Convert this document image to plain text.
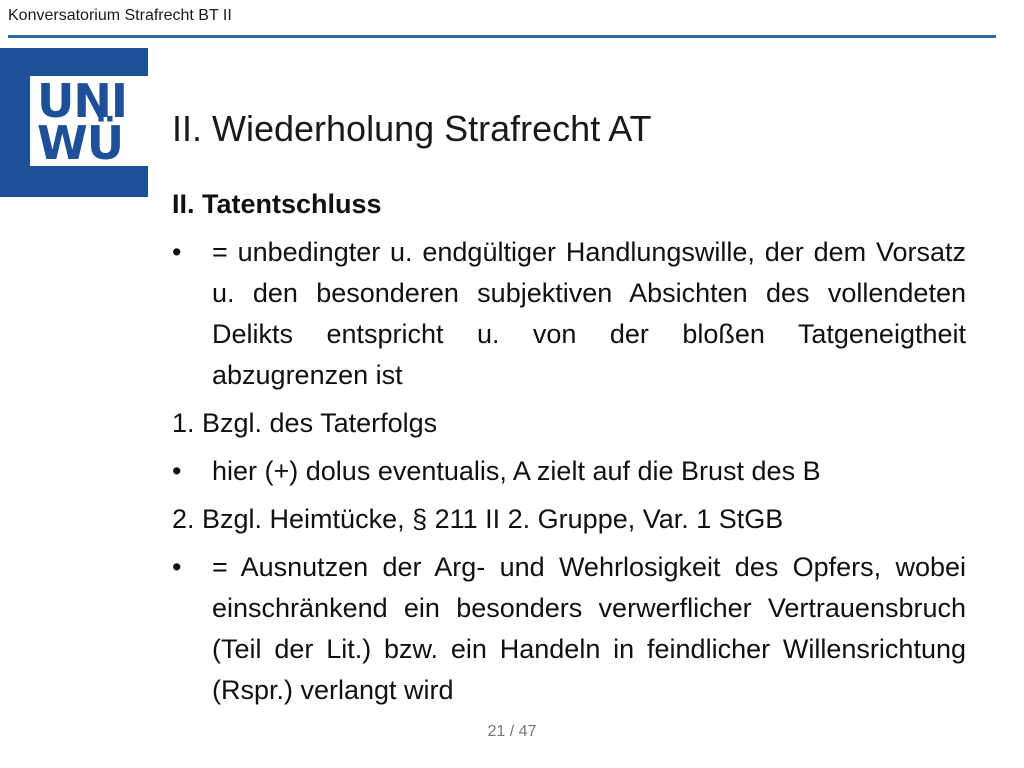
Konversatorium Strafrecht BT II
UNI
WÜ II. Wiederholung Strafrecht AT

II. Tatentschluss

• = unbedingter u. endgültiger Handlungswille, der dem Vorsatz u. den besonderen subjektiven Absichten des vollendeten Delikts entspricht u. von der bloßen Tatgeneigtheit abzugrenzen ist

1. Bzgl. des Taterfolgs

• hier (+) dolus eventualis, A zielt auf die Brust des B

2. Bzgl. Heimtücke, § 211 II 2. Gruppe, Var. 1 StGB

• = Ausnutzen der Arg- und Wehrlosigkeit des Opfers, wobei einschränkend ein besonders verwerflicher Vertrauensbruch (Teil der Lit.) bzw. ein Handeln in feindlicher Willensrichtung (Rspr.) verlangt wird
21 / 47
